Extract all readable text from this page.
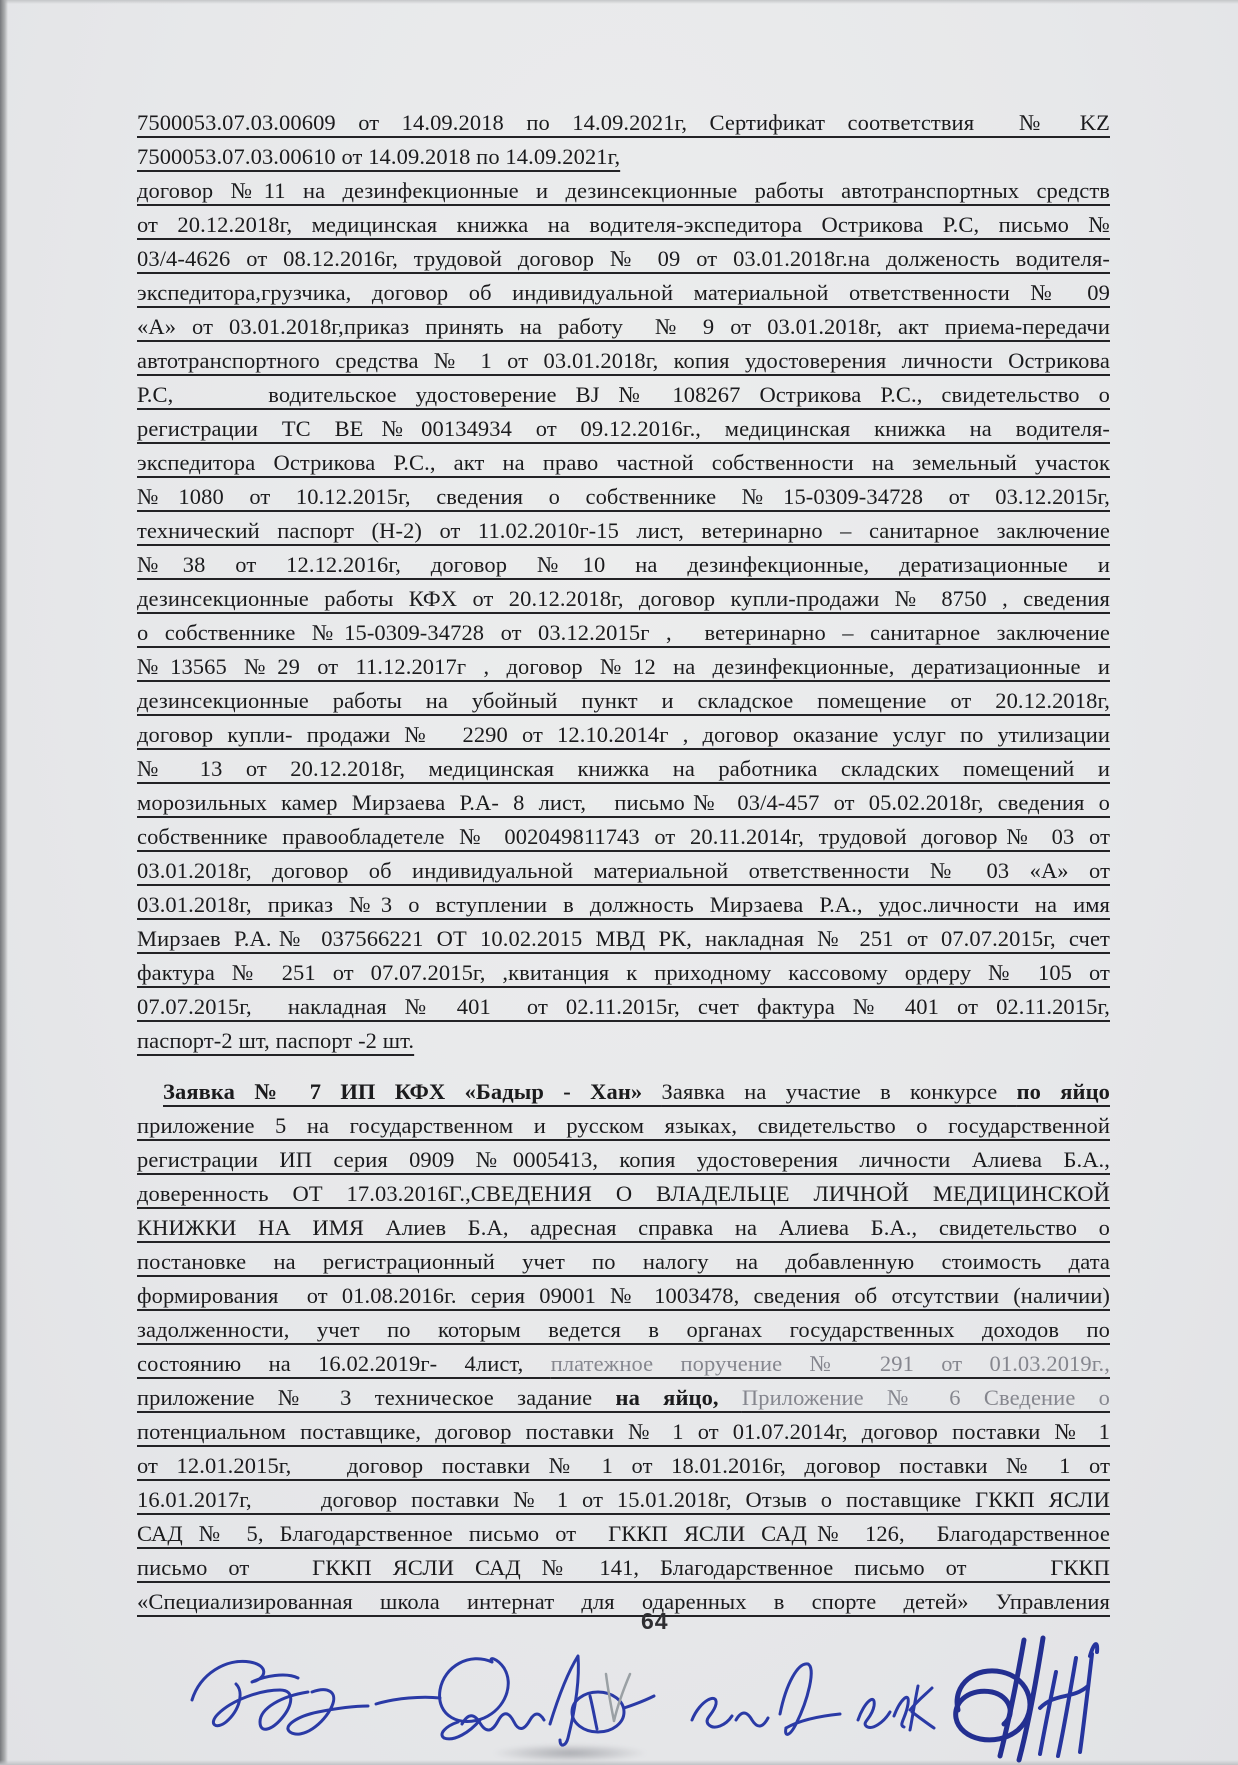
7500053.07.03.00609 от 14.09.2018 по 14.09.2021г, Сертификат соответствия  № KZ
7500053.07.03.00610 от 14.09.2018 по 14.09.2021г,
договор №11 на дезинфекционные и дезинсекционные работы автотранспортных средств
от 20.12.2018г, медицинская книжка на водителя-экспедитора Острикова Р.С, письмо №
03/4-4626 от 08.12.2016г, трудовой договор № 09 от 03.01.2018г.на долженость водителя-
экспедитора,грузчика, договор об индивидуальной материальной ответственности № 09
«А» от 03.01.2018г,приказ принять на работу  № 9 от 03.01.2018г, акт приема-передачи
автотранспортного средства № 1 от 03.01.2018г, копия удостоверения личности Острикова
Р.С,     водительское удостоверение BJ № 108267 Острикова Р.С., свидетельство о
регистрации ТС BE№00134934 от 09.12.2016г., медицинская книжка на водителя-
экспедитора Острикова Р.С., акт на право частной собственности на земельный участок
№1080 от 10.12.2015г, сведения о собственнике №15-0309-34728 от 03.12.2015г,
технический паспорт (Н-2) от 11.02.2010г-15 лист, ветеринарно – санитарное заключение
№38 от 12.12.2016г, договор №10 на дезинфекционные, дератизационные и
дезинсекционные работы КФХ от 20.12.2018г, договор купли-продажи № 8750 , сведения
о собственнике №15-0309-34728 от 03.12.2015г ,  ветеринарно – санитарное заключение
№13565 №29 от 11.12.2017г , договор №12 на дезинфекционные, дератизационные и
дезинсекционные работы на убойный пункт и складское помещение от 20.12.2018г,
договор купли- продажи №  2290 от 12.10.2014г , договор оказание услуг по утилизации
№ 13 от 20.12.2018г, медицинская книжка на работника складских помещений и
морозильных камер Мирзаева Р.А- 8 лист,  письмо№ 03/4-457 от 05.02.2018г, сведения о
собственнике правообладетеле № 002049811743 от 20.11.2014г, трудовой договор№ 03 от
03.01.2018г, договор об индивидуальной материальной ответственности № 03 «А» от
03.01.2018г, приказ №3 о вступлении в должность Мирзаева Р.А., удос.личности на имя
Мирзаев Р.А.№ 037566221 ОТ 10.02.2015 МВД РК, накладная № 251 от 07.07.2015г, счет
фактура № 251 от 07.07.2015г, ,квитанция к приходному кассовому ордеру № 105 от
07.07.2015г,  накладная № 401  от 02.11.2015г, счет фактура № 401 от 02.11.2015г,
паспорт-2 шт, паспорт -2 шт.
Заявка № 7 ИП КФХ «Бадыр - Хан» Заявка на участие в конкурсе по яйцо
приложение 5 на государственном и русском языках, свидетельство о государственной
регистрации ИП серия 0909 №0005413, копия удостоверения личности Алиева Б.А.,
доверенность ОТ 17.03.2016Г.,СВЕДЕНИЯ О ВЛАДЕЛЬЦЕ ЛИЧНОЙ МЕДИЦИНСКОЙ
КНИЖКИ НА ИМЯ Алиев Б.А, адресная справка на Алиева Б.А., свидетельство о
постановке на регистрационный учет по налогу на добавленную стоимость дата
формирования  от 01.08.2016г. серия 09001 № 1003478, сведения об отсутствии (наличии)
задолженности, учет по которым ведется в органах государственных доходов по
состоянию на 16.02.2019г- 4лист, платежное поручение № 291 от 01.03.2019г.,
приложение № 3 техническое задание на яйцо, Приложение № 6 Сведение о
потенциальном поставщике, договор поставки № 1 от 01.07.2014г, договор поставки № 1
от 12.01.2015г,   договор поставки № 1 от 18.01.2016г, договор поставки № 1 от
16.01.2017г,     договор поставки № 1 от 15.01.2018г, Отзыв о поставщике ГККП ЯСЛИ
САД № 5, Благодарственное письмо от  ГККП ЯСЛИ САД№ 126,  Благодарственное
письмо от   ГККП ЯСЛИ САД № 141, Благодарственное письмо от    ГККП
«Специализированная школа интернат для одаренных в спорте детей» Управления
64
